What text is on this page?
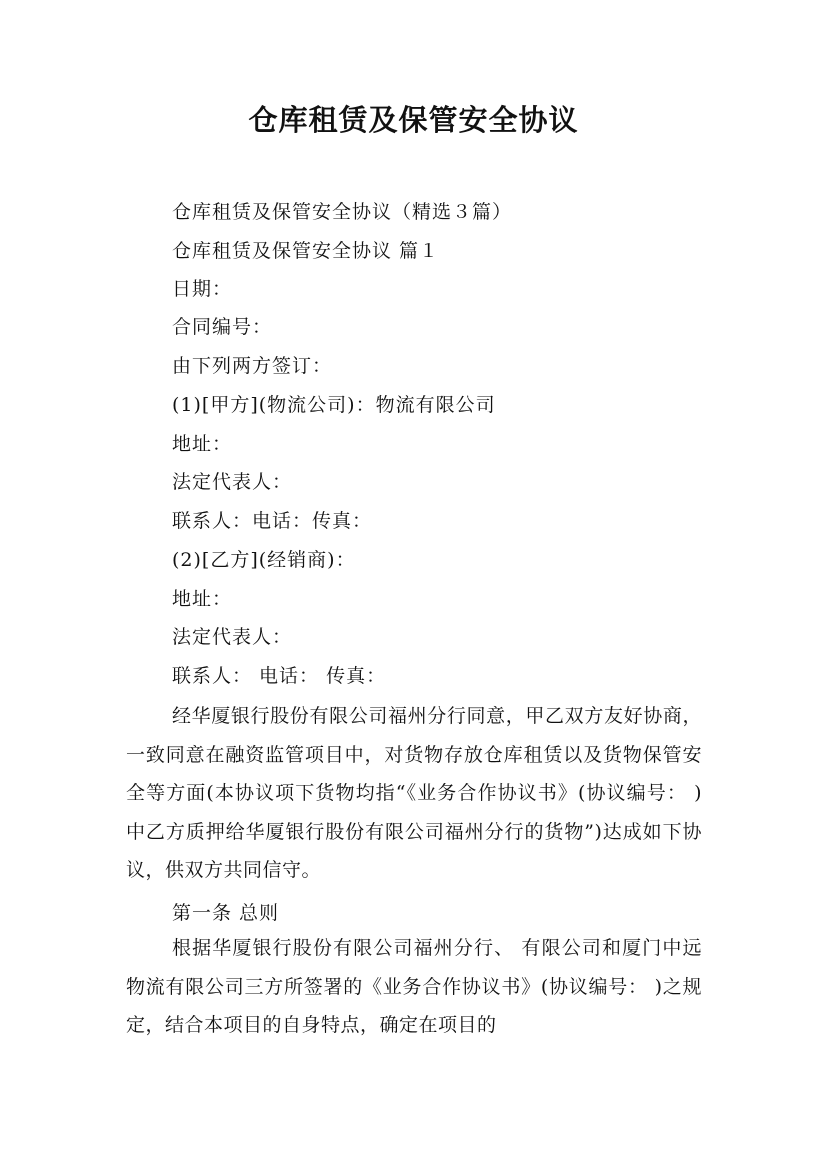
仓库租赁及保管安全协议
仓库租赁及保管安全协议（精选３篇）
仓库租赁及保管安全协议 篇１
日期：
合同编号：
由下列两方签订：
(1)[甲方](物流公司)：物流有限公司
地址：
法定代表人：
联系人：电话：传真：
(2)[乙方](经销商)：
地址：
法定代表人：
联系人： 电话： 传真：
经华厦银行股份有限公司福州分行同意，甲乙双方友好协商，一致同意在融资监管项目中，对货物存放仓库租赁以及货物保管安全等方面(本协议项下货物均指“《业务合作协议书》(协议编号： )中乙方质押给华厦银行股份有限公司福州分行的货物”)达成如下协议，供双方共同信守。
第一条 总则
根据华厦银行股份有限公司福州分行、 有限公司和厦门中远物流有限公司三方所签署的《业务合作协议书》(协议编号： )之规定，结合本项目的自身特点，确定在项目的
